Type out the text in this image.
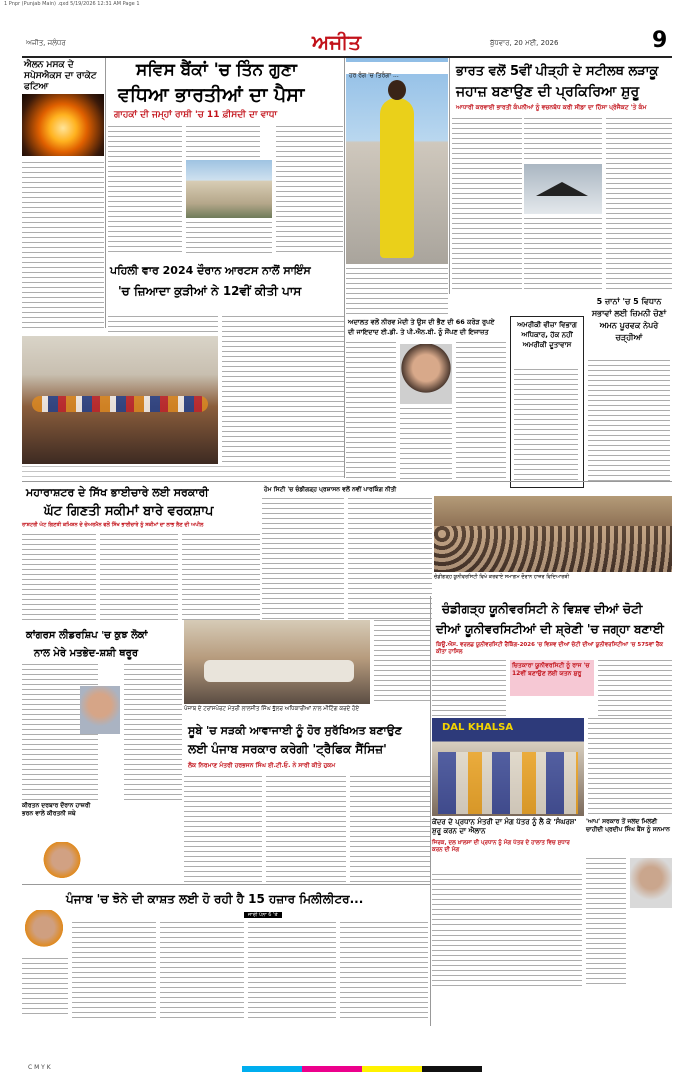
1 Pnpr (Punjab Main) .qxd 5/19/2026 12:31 AM Page 1
ਅਜੀਤ, ਜਲੰਧਰ	ਅਜੀਤ	ਬੁੱਧਵਾਰ, 20 ਮਈ, 2026	9
ਐਲਨ ਮਸਕ ਦੇ ਸਪੇਸਐਕਸ ਦਾ ਰਾਕੇਟ ਫਟਿਆ
ਸਵਿਸ ਬੈਂਕਾਂ 'ਚ ਤਿੰਨ ਗੁਣਾ
ਵਧਿਆ ਭਾਰਤੀਆਂ ਦਾ ਪੈਸਾ
ਗਾਹਕਾਂ ਦੀ ਜਮ੍ਹਾਂ ਰਾਸ਼ੀ 'ਚ 11 ਫ਼ੀਸਦੀ ਦਾ ਵਾਧਾ
ਹਰ ਰੰਗ 'ਚ ਤਿਰੰਗਾ ...	ਭਾਰਤ ਵਲੋਂ 5ਵੀਂ ਪੀੜ੍ਹੀ ਦੇ ਸਟੀਲਥ ਲੜਾਕੂ
ਜਹਾਜ਼ ਬਣਾਉਣ ਦੀ ਪ੍ਰਕਿਰਿਆ ਸ਼ੁਰੂ
ਆਧਾਰੀ ਕਰਵਾਈ ਭਾਰਤੀ ਕੰਪਨੀਆਂ ਨੂੰ ਵਚਨਬੱਧ ਕਰੀ ਸੀਡਾ ਦਾ ਹਿੱਸਾ ਪ੍ਰੋਜੈਕਟ 'ਤੇ ਕੰਮ
ਪਹਿਲੀ ਵਾਰ 2024 ਦੌਰਾਨ ਆਰਟਸ ਨਾਲੋਂ ਸਾਇੰਸ
'ਚ ਜ਼ਿਆਦਾ ਕੁੜੀਆਂ ਨੇ 12ਵੀਂ ਕੀਤੀ ਪਾਸ
ਅਦਾਲਤ ਵਲੋਂ ਨੀਰਵ ਮੋਦੀ ਤੇ ਉਸ ਦੀ ਭੈਣ ਦੀ 66 ਕਰੋੜ ਰੁਪਏ
ਦੀ ਜਾਇਦਾਦ ਈ.ਡੀ. ਤੇ ਪੀ.ਐਨ.ਬੀ. ਨੂੰ ਸੌਂਪਣ ਦੀ ਇਜਾਜ਼ਤ
ਅਮਰੀਕੀ ਵੀਜ਼ਾ ਵਿਭਾਗ ਅਧਿਕਾਰ, ਹੱਕ ਨਹੀਂ ਅਮਰੀਕੀ ਦੂਤਾਵਾਸ
5 ਜ਼ਾਨਾਂ 'ਚ 5 ਵਿਧਾਨ ਸਭਾਵਾਂ ਲਈ ਜ਼ਿਮਨੀ ਚੋਣਾਂ ਅਮਨ ਪੂਰਵਕ ਨੇਪਰੇ ਚੜ੍ਹੀਆਂ
ਮਹਾਰਾਸ਼ਟਰ ਦੇ ਸਿੱਖ ਭਾਈਚਾਰੇ ਲਈ ਸਰਕਾਰੀ
ਘੱਟ ਗਿਣਤੀ ਸਕੀਮਾਂ ਬਾਰੇ ਵਰਕਸ਼ਾਪ
ਰਾਸ਼ਟਰੀ ਘੱਟ ਗਿਣਤੀ ਕਮਿਸ਼ਨ ਦੇ ਚੇਅਰਮੈਨ ਵਲੋਂ ਸਿੱਖ ਭਾਈਚਾਰੇ ਨੂੰ ਸਕੀਮਾਂ ਦਾ ਲਾਭ ਲੈਣ ਦੀ ਅਪੀਲ
ਹੋਮ ਸਿਟੀ 'ਚ ਚੰਡੀਗੜ੍ਹ ਪ੍ਰਸ਼ਾਸਨ ਵਲੋਂ ਨਵੀਂ ਪਾਰਕਿੰਗ ਨੀਤੀ
ਚੰਡੀਗੜ੍ਹ ਯੂਨੀਵਰਸਿਟੀ ਵਿਖੇ ਕਰਵਾਏ ਸਮਾਗਮ ਦੌਰਾਨ ਹਾਜ਼ਰ ਵਿਦਿਆਰਥੀ
ਪੰਜਾਬ ਦੇ ਟਰਾਂਸਪੋਰਟ ਮੰਤਰੀ ਲਾਲਜੀਤ ਸਿੰਘ ਭੁੱਲਰ ਅਧਿਕਾਰੀਆਂ ਨਾਲ ਮੀਟਿੰਗ ਕਰਦੇ ਹੋਏ
ਚੰਡੀਗੜ੍ਹ ਯੂਨੀਵਰਸਿਟੀ ਨੇ ਵਿਸ਼ਵ ਦੀਆਂ ਚੋਟੀ
ਦੀਆਂ ਯੂਨੀਵਰਸਿਟੀਆਂ ਦੀ ਸ਼੍ਰੇਣੀ 'ਚ ਜਗ੍ਹਾ ਬਣਾਈ
ਕਿਊ.ਐਸ. ਵਰਲਡ ਯੂਨੀਵਰਸਿਟੀ ਰੈਂਕਿੰਗ-2026 'ਚ ਵਿਸ਼ਵ ਦੀਆਂ ਚੋਟੀ ਦੀਆਂ ਯੂਨੀਵਰਸਿਟੀਆਂ 'ਚ 575ਵਾਂ ਰੈਂਕ ਕੀਤਾ ਹਾਸਿਲ
ਚਿਤਕਾਰਾ ਯੂਨੀਵਰਸਿਟੀ ਨੂੰ ਰਾਜ 'ਚ 12ਵੀਂ ਬਣਾਉਣ ਲਈ ਯਤਨ ਸ਼ੁਰੂ
ਕਾਂਗਰਸ ਲੀਡਰਸ਼ਿਪ 'ਚ ਕੁਝ ਲੋਕਾਂ
ਨਾਲ ਮੇਰੇ ਮਤਭੇਦ-ਸ਼ਸ਼ੀ ਥਰੂਰ
ਕੀਰਤਨ ਦਰਬਾਰ ਦੌਰਾਨ ਹਾਜ਼ਰੀ ਭਰਨ ਵਾਲੇ ਕੀਰਤਨੀ ਜਥੇ
ਸੂਬੇ 'ਚ ਸੜਕੀ ਆਵਾਜਾਈ ਨੂੰ ਹੋਰ ਸੁਰੱਖਿਅਤ ਬਣਾਉਣ
ਲਈ ਪੰਜਾਬ ਸਰਕਾਰ ਕਰੇਗੀ 'ਟ੍ਰੈਫਿਕ ਸੈਂਸਿਜ਼'
ਲੋਕ ਨਿਰਮਾਣ ਮੰਤਰੀ ਹਰਭਜਨ ਸਿੰਘ ਈ.ਟੀ.ਓ. ਨੇ ਸਾਰੀ ਕੀਤੇ ਹੁਕਮ
DAL KHALSA
ਕੇਂਦਰ ਦੇ ਪ੍ਰਧਾਨ ਮੰਤਰੀ ਦਾ ਮੰਗ ਪੱਤਰ ਨੂੰ ਲੈ ਕੇ 'ਸੰਘਰਸ਼' ਸ਼ੁਰੂ ਕਰਨ ਦਾ ਐਲਾਨ
ਜਿਰਕ, ਦਲ ਖ਼ਾਲਸਾ ਦੀ ਪ੍ਰਧਾਨ ਨੂੰ ਮੰਗ ਪੱਤਰ ਦੇ ਹਾਲਾਤ ਵਿਚ ਸੁਧਾਰ ਕਰਨ ਦੀ ਮੰਗ
'ਆਪ' ਸਰਕਾਰ ਤੋਂ ਜਲਦ ਮਿਲਣੀ ਚਾਹੀਦੀ ਪ੍ਰਦੀਪ ਸਿੰਘ ਬੈਂਸ ਨੂੰ ਸਨਮਾਨ
ਪੰਜਾਬ 'ਚ ਝੋਨੇ ਦੀ ਕਾਸ਼ਤ ਲਈ ਹੋ ਰਹੀ ਹੈ 15 ਹਜ਼ਾਰ ਮਿਲੀਲੀਟਰ...
ਜਾਰੀ ਪੰਨਾ 6 'ਤੇ
C M Y K
